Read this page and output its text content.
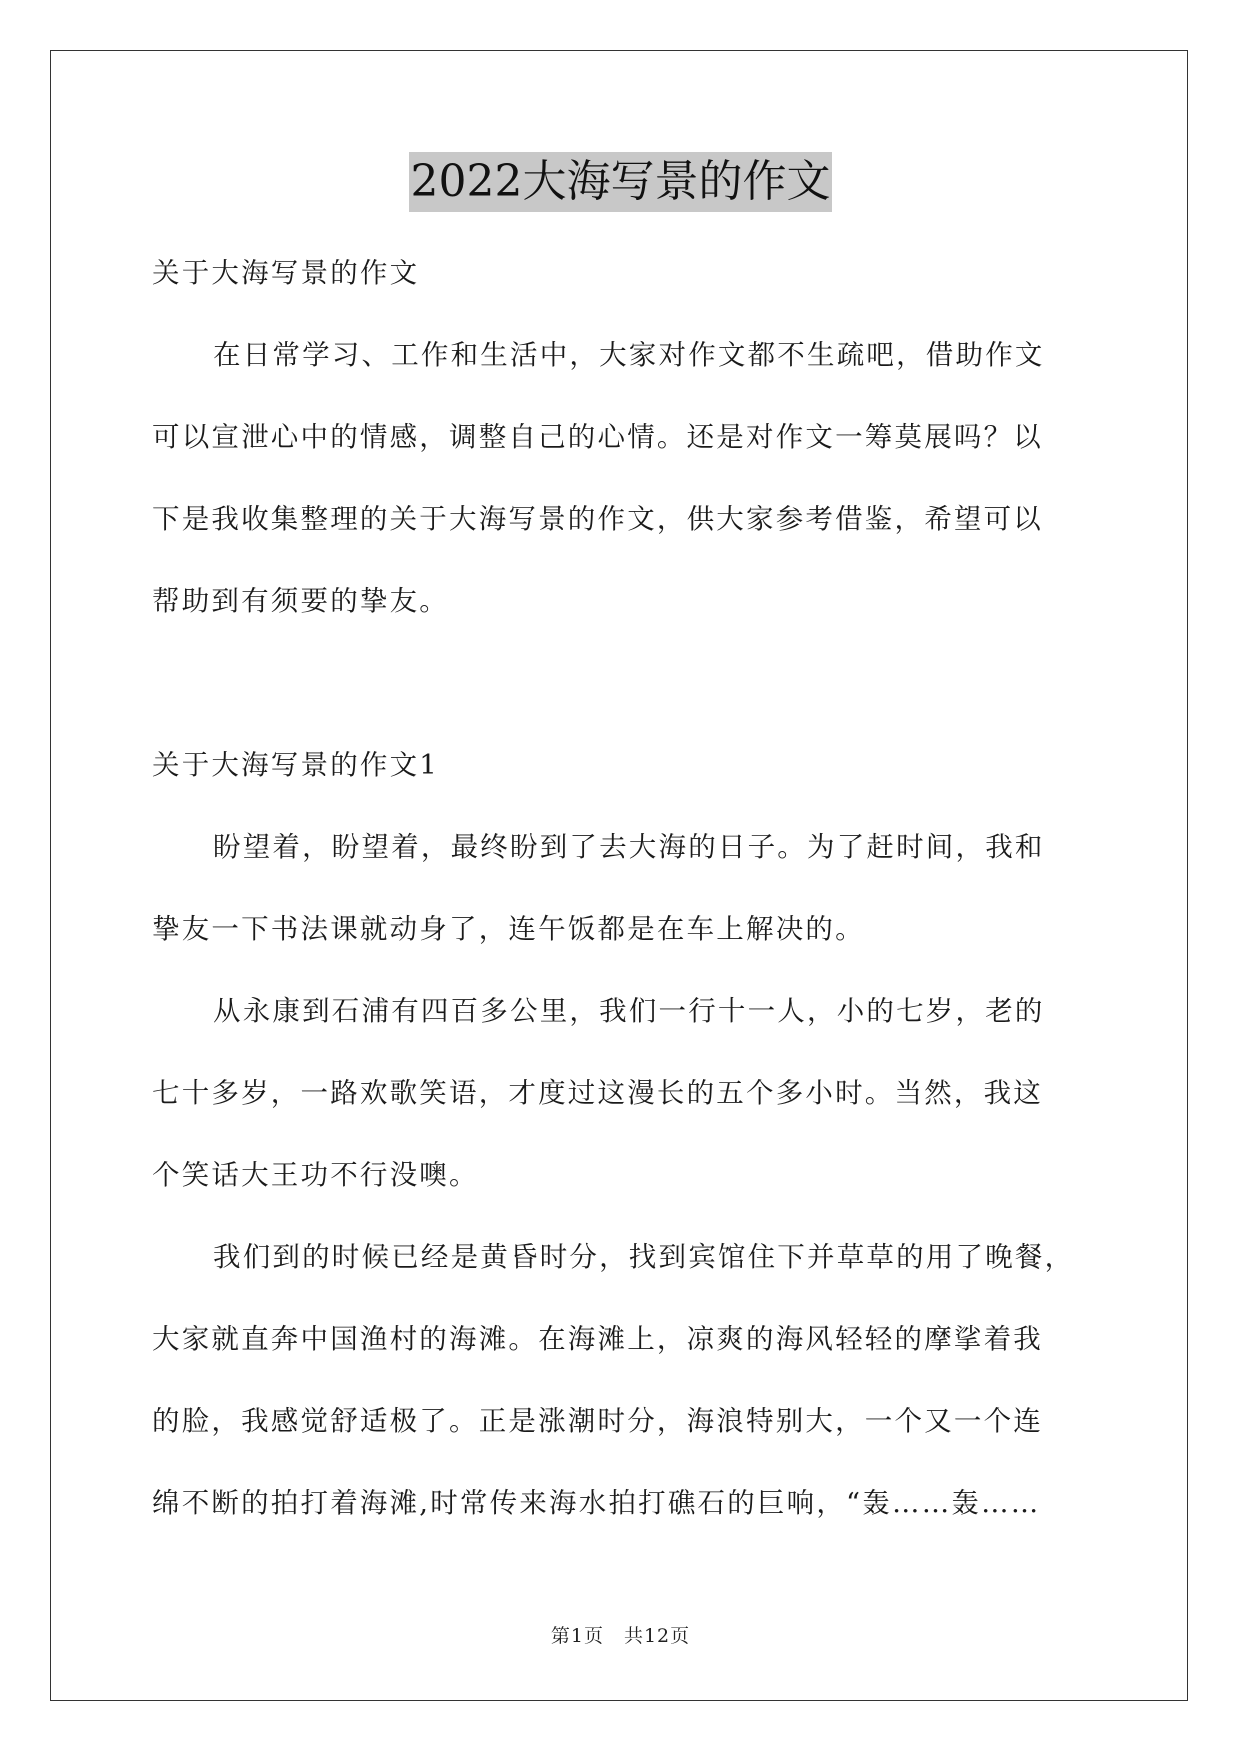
2022大海写景的作文

关于大海写景的作文

在日常学习、工作和生活中，大家对作文都不生疏吧，借助作文

可以宣泄心中的情感，调整自己的心情。还是对作文一筹莫展吗？以

下是我收集整理的关于大海写景的作文，供大家参考借鉴，希望可以

帮助到有须要的挚友。

关于大海写景的作文1

盼望着，盼望着，最终盼到了去大海的日子。为了赶时间，我和

挚友一下书法课就动身了，连午饭都是在车上解决的。

从永康到石浦有四百多公里，我们一行十一人，小的七岁，老的

七十多岁，一路欢歌笑语，才度过这漫长的五个多小时。当然，我这

个笑话大王功不行没噢。

我们到的时候已经是黄昏时分，找到宾馆住下并草草的用了晚餐，

大家就直奔中国渔村的海滩。在海滩上，凉爽的海风轻轻的摩挲着我

的脸，我感觉舒适极了。正是涨潮时分，海浪特别大，一个又一个连

绵不断的拍打着海滩,时常传来海水拍打礁石的巨响，“轰……轰……

第1页　共12页
